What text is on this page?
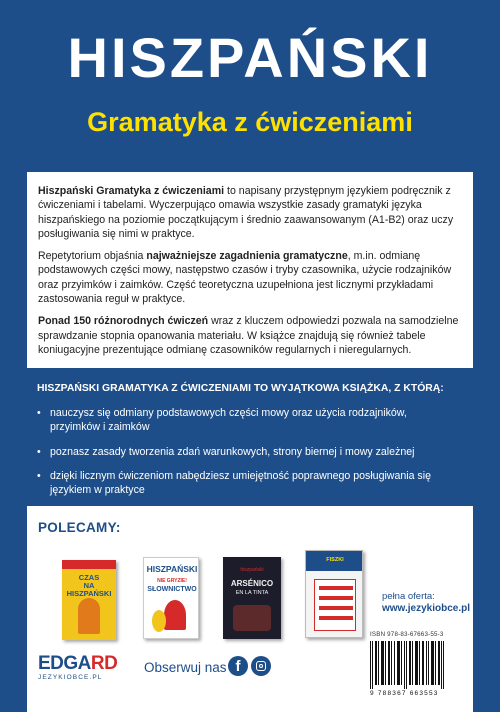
HISZPAŃSKI
Gramatyka z ćwiczeniami

Hiszpański Gramatyka z ćwiczeniami to napisany przystępnym językiem podręcznik z ćwiczeniami i tabelami. Wyczerpująco omawia wszystkie zasady gramatyki języka hiszpańskiego na poziomie początkującym i średnio zaawansowanym (A1-B2) oraz uczy posługiwania się nimi w praktyce.

Repetytorium objaśnia najważniejsze zagadnienia gramatyczne, m.in. odmianę podstawowych części mowy, następstwo czasów i tryby czasownika, użycie rodzajników oraz przyimków i zaimków. Część teoretyczna uzupełniona jest licznymi przykładami zastosowania reguł w praktyce.

Ponad 150 różnorodnych ćwiczeń wraz z kluczem odpowiedzi pozwala na samodzielne sprawdzanie stopnia opanowania materiału. W książce znajdują się również tabele koniugacyjne prezentujące odmianę czasowników regularnych i nieregularnych.

HISZPAŃSKI GRAMATYKA Z ĆWICZENIAMI TO WYJĄTKOWA KSIĄŻKA, Z KTÓRĄ:
• nauczysz się odmiany podstawowych części mowy oraz użycia rodzajników, przyimków i zaimków
• poznasz zasady tworzenia zdań warunkowych, strony biernej i mowy zależnej
• dzięki licznym ćwiczeniom nabędziesz umiejętność poprawnego posługiwania się językiem w praktyce
POLECAMY:
CZAS
NA HISZPAŃSKI
HISZPAŃSKI
NIE GRYZIE!
SŁOWNICTWO
hiszpański
ARSÉNICO
EN LA TINTA
FISZKI
pełna oferta:
www.jezykiobce.pl
ISBN 978-83-67663-55-3
9 788367 663553
EDGARD
JEZYKIOBCE.PL
Obserwuj nas f
